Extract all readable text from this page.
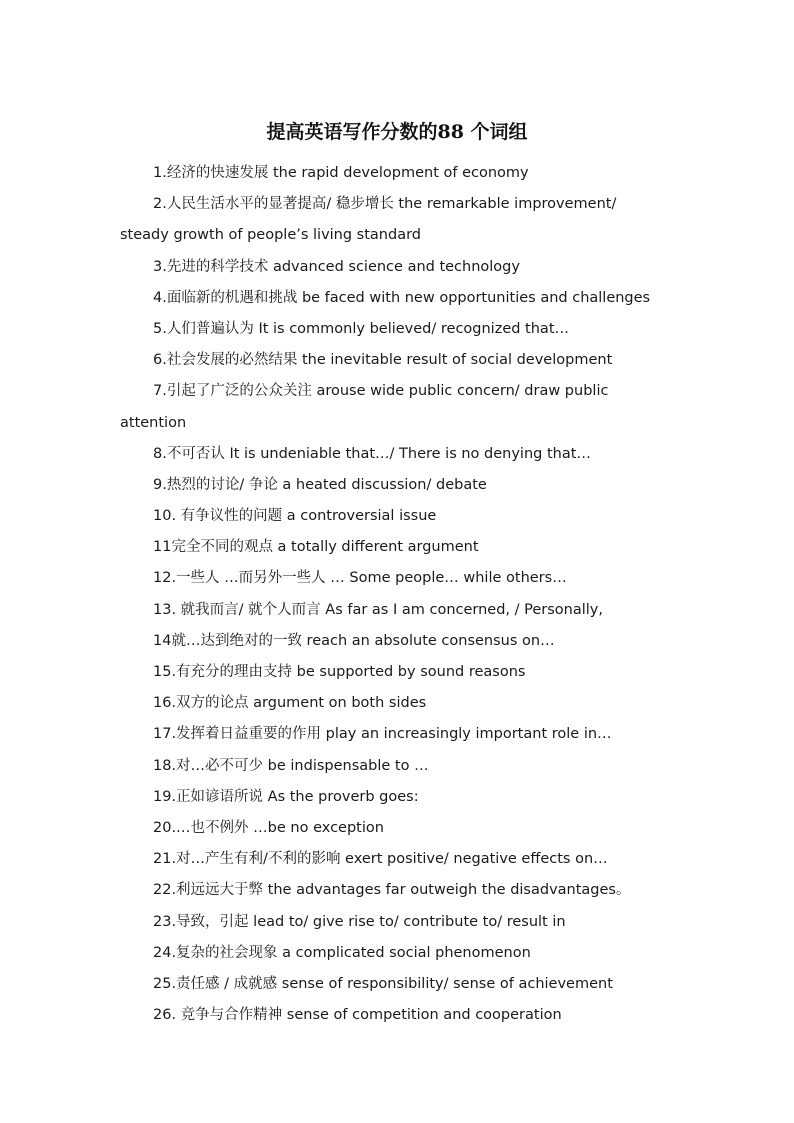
提高英语写作分数的88 个词组
1.经济的快速发展 the rapid development of economy
2.人民生活水平的显著提高/ 稳步增长 the remarkable improvement/
steady growth of people’s living standard
3.先进的科学技术 advanced science and technology
4.面临新的机遇和挑战 be faced with new opportunities and challenges
5.人们普遍认为 It is commonly believed/ recognized that…
6.社会发展的必然结果 the inevitable result of social development
7.引起了广泛的公众关注 arouse wide public concern/ draw public
attention
8.不可否认 It is undeniable that…/ There is no denying that…
9.热烈的讨论/ 争论 a heated discussion/ debate
10. 有争议性的问题 a controversial issue
11完全不同的观点 a totally different argument
12.一些人 …而另外一些人 … Some people… while others…
13. 就我而言/ 就个人而言 As far as I am concerned, / Personally,
14就…达到绝对的一致 reach an absolute consensus on…
15.有充分的理由支持 be supported by sound reasons
16.双方的论点 argument on both sides
17.发挥着日益重要的作用 play an increasingly important role in…
18.对…必不可少 be indispensable to …
19.正如谚语所说 As the proverb goes:
20.…也不例外 …be no exception
21.对…产生有利/不利的影响 exert positive/ negative effects on…
22.利远远大于弊 the advantages far outweigh the disadvantages。
23.导致，引起 lead to/ give rise to/ contribute to/ result in
24.复杂的社会现象 a complicated social phenomenon
25.责任感 / 成就感 sense of responsibility/ sense of achievement
26. 竞争与合作精神 sense of competition and cooperation
